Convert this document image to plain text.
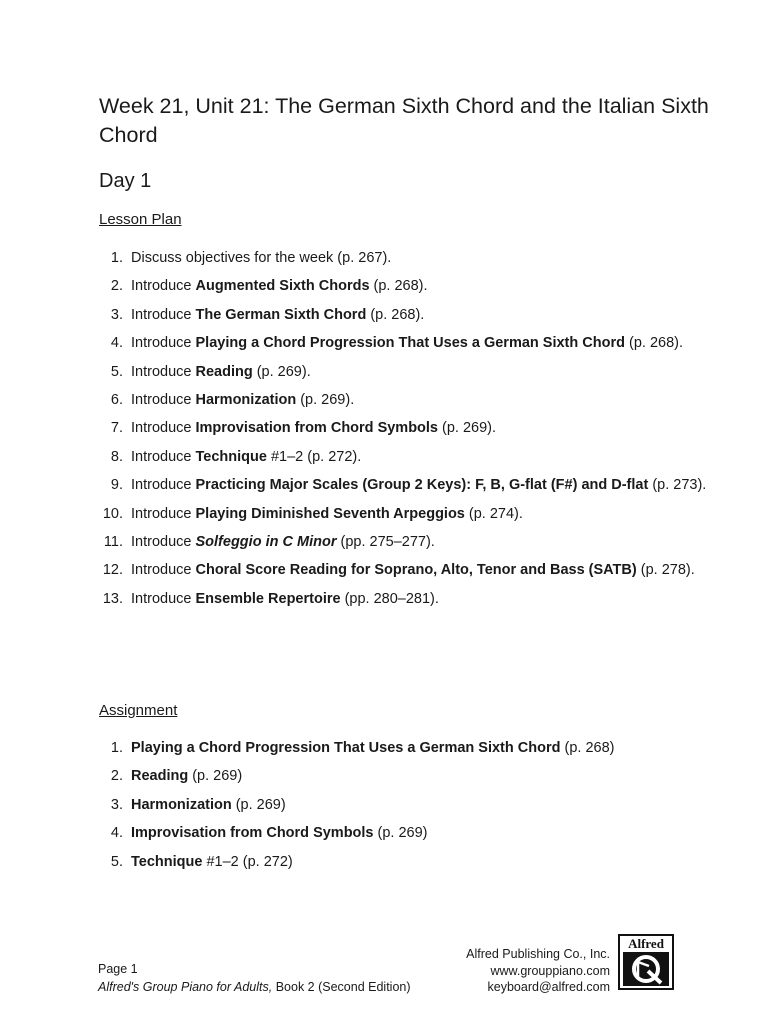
Week 21, Unit 21: The German Sixth Chord and the Italian Sixth Chord
Day 1
Lesson Plan
1. Discuss objectives for the week (p. 267).
2. Introduce Augmented Sixth Chords (p. 268).
3. Introduce The German Sixth Chord (p. 268).
4. Introduce Playing a Chord Progression That Uses a German Sixth Chord (p. 268).
5. Introduce Reading (p. 269).
6. Introduce Harmonization (p. 269).
7. Introduce Improvisation from Chord Symbols (p. 269).
8. Introduce Technique #1–2 (p. 272).
9. Introduce Practicing Major Scales (Group 2 Keys): F, B, G-flat (F#) and D-flat (p. 273).
10. Introduce Playing Diminished Seventh Arpeggios (p. 274).
11. Introduce Solfeggio in C Minor (pp. 275–277).
12. Introduce Choral Score Reading for Soprano, Alto, Tenor and Bass (SATB) (p. 278).
13. Introduce Ensemble Repertoire (pp. 280–281).
Assignment
1. Playing a Chord Progression That Uses a German Sixth Chord (p. 268)
2. Reading (p. 269)
3. Harmonization (p. 269)
4. Improvisation from Chord Symbols (p. 269)
5. Technique #1–2 (p. 272)
Page 1
Alfred's Group Piano for Adults, Book 2 (Second Edition)
Alfred Publishing Co., Inc.
www.grouppiano.com
keyboard@alfred.com
Alfred
